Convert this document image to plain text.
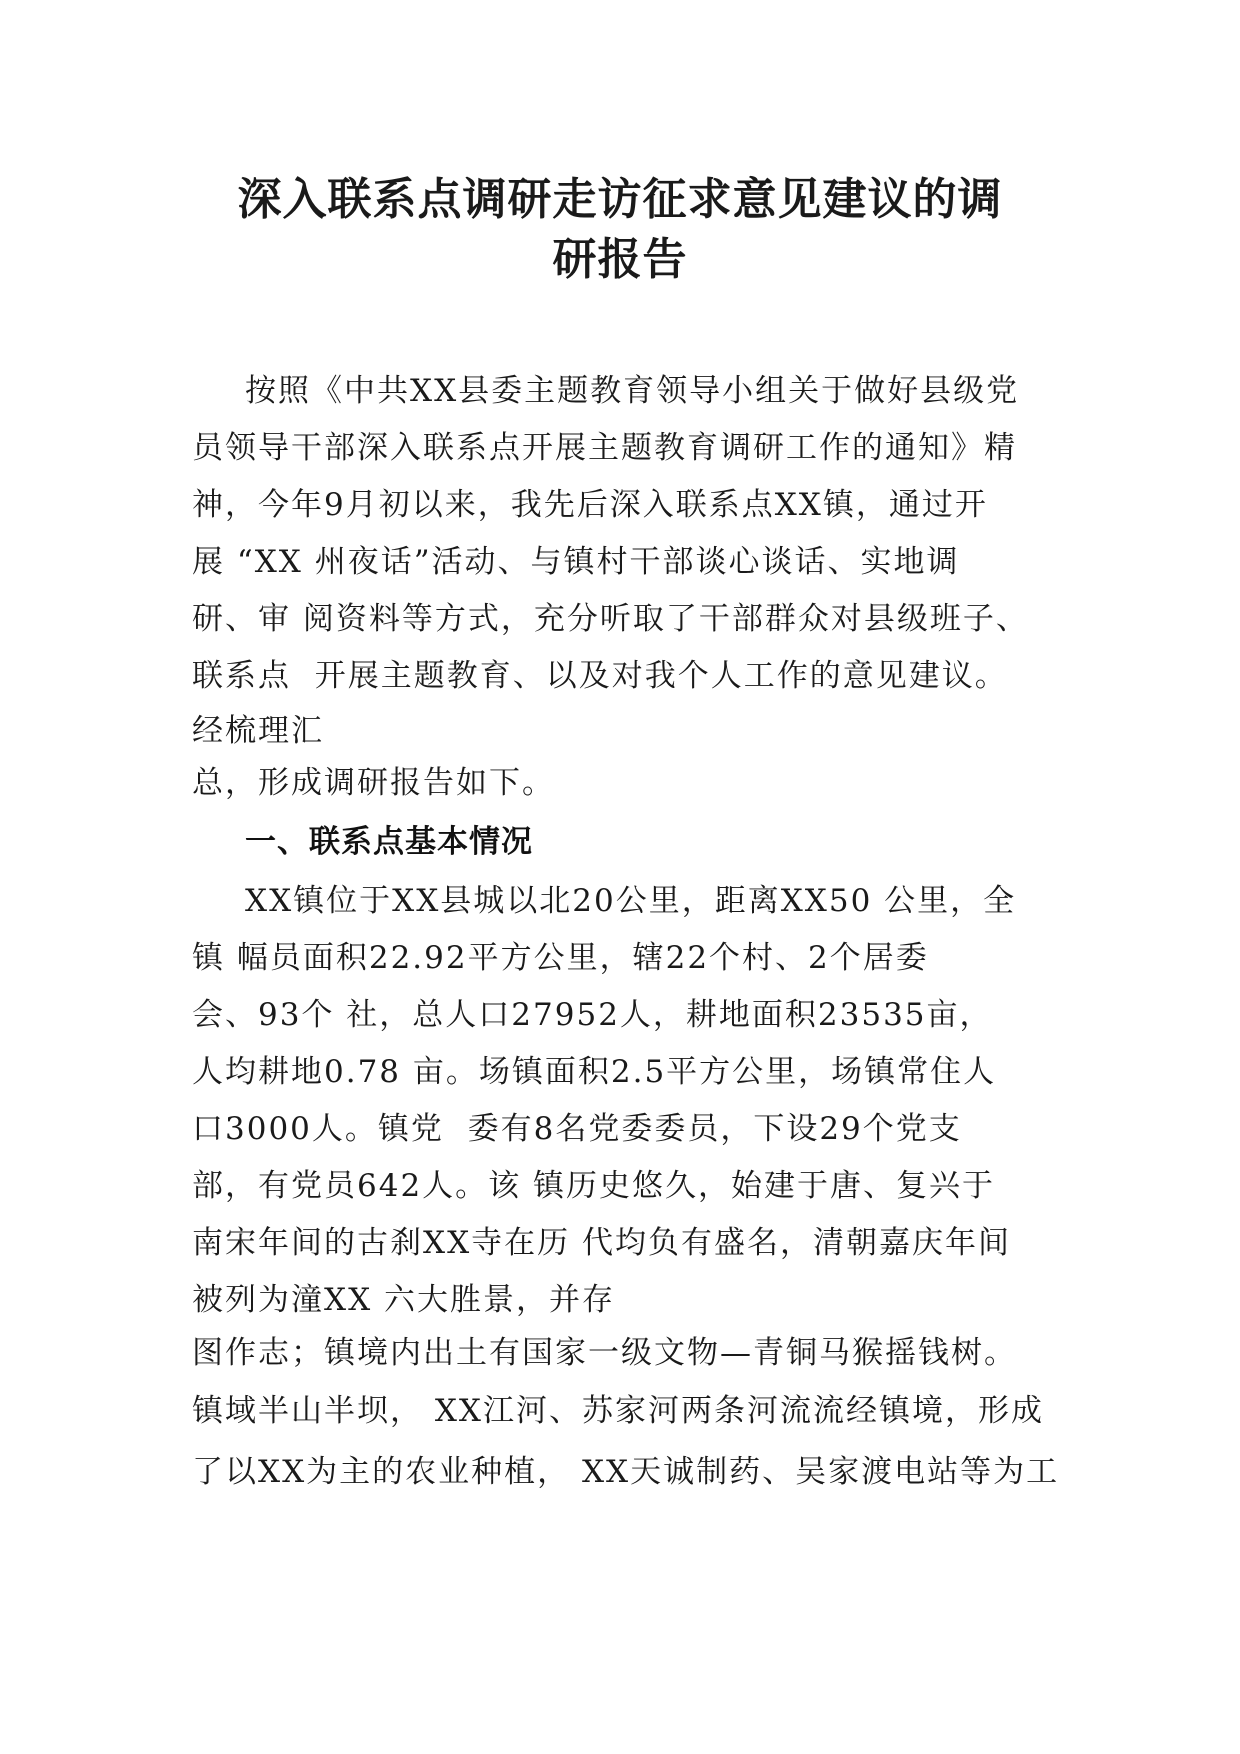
深入联系点调研走访征求意见建议的调
研报告
按照《中共XX县委主题教育领导小组关于做好县级党
员领导干部深入联系点开展主题教育调研工作的通知》精
神，今年9月初以来，我先后深入联系点XX镇，通过开
展 “XX 州夜话”活动、与镇村干部谈心谈话、实地调
研、审 阅资料等方式，充分听取了干部群众对县级班子、
联系点  开展主题教育、以及对我个人工作的意见建议。
经梳理汇
总，形成调研报告如下。
一、联系点基本情况
XX镇位于XX县城以北20公里，距离XX50 公里，全
镇 幅员面积22.92平方公里，辖22个村、2个居委
会、93个 社，总人口27952人，耕地面积23535亩，
人均耕地0.78 亩。场镇面积2.5平方公里，场镇常住人
口3000人。镇党  委有8名党委委员，下设29个党支
部，有党员642人。该 镇历史悠久，始建于唐、复兴于
南宋年间的古刹XX寺在历 代均负有盛名，清朝嘉庆年间
被列为潼XX 六大胜景，并存
图作志；镇境内出土有国家一级文物—青铜马猴摇钱树。
镇域半山半坝， XX江河、苏家河两条河流流经镇境，形成
了以XX为主的农业种植， XX天诚制药、吴家渡电站等为工
